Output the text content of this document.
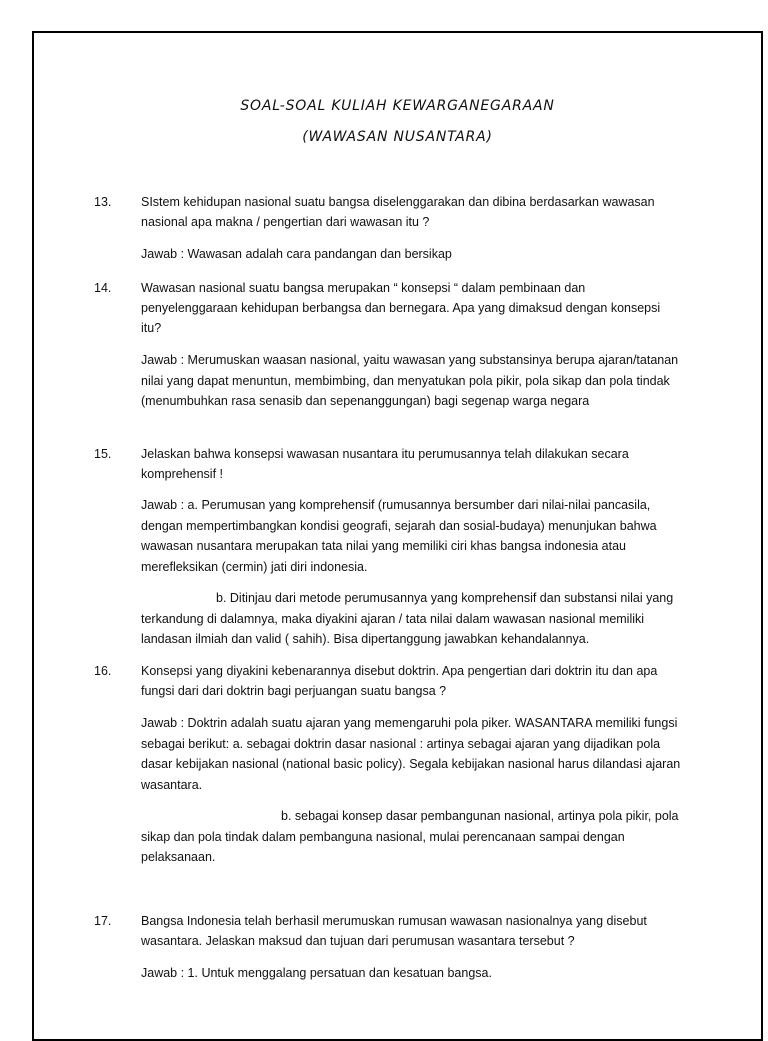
SOAL-SOAL KULIAH KEWARGANEGARAAN
(WAWASAN NUSANTARA)
13. SIstem kehidupan nasional suatu bangsa diselenggarakan dan dibina berdasarkan wawasan nasional apa makna / pengertian dari wawasan itu ?
Jawab : Wawasan adalah cara pandangan dan bersikap
14. Wawasan nasional suatu bangsa merupakan “ konsepsi “ dalam pembinaan dan penyelenggaraan kehidupan berbangsa dan bernegara. Apa yang dimaksud dengan konsepsi itu?
Jawab : Merumuskan waasan nasional, yaitu wawasan yang substansinya berupa ajaran/tatanan nilai yang dapat menuntun, membimbing, dan menyatukan pola pikir, pola sikap dan pola tindak (menumbuhkan rasa senasib dan sepenanggungan) bagi segenap warga negara
15. Jelaskan bahwa konsepsi wawasan nusantara itu perumusannya telah dilakukan secara komprehensif !
Jawab : a. Perumusan yang komprehensif (rumusannya bersumber dari nilai-nilai pancasila, dengan mempertimbangkan kondisi geografi, sejarah dan sosial-budaya) menunjukan bahwa wawasan nusantara merupakan tata nilai yang memiliki ciri khas bangsa indonesia atau merefleksikan (cermin) jati diri indonesia.
b. Ditinjau dari metode perumusannya yang komprehensif dan substansi nilai yang terkandung di dalamnya, maka diyakini ajaran / tata nilai dalam wawasan nasional memiliki landasan ilmiah dan valid ( sahih). Bisa dipertanggung jawabkan kehandalannya.
16. Konsepsi yang diyakini kebenarannya disebut doktrin. Apa pengertian dari doktrin itu dan apa fungsi dari dari doktrin bagi perjuangan suatu bangsa ?
Jawab : Doktrin adalah suatu ajaran yang memengaruhi pola piker. WASANTARA memiliki fungsi sebagai berikut: a. sebagai doktrin dasar nasional : artinya sebagai ajaran yang dijadikan pola dasar kebijakan nasional (national basic policy). Segala kebijakan nasional harus dilandasi ajaran wasantara.
b. sebagai konsep dasar pembangunan nasional, artinya pola pikir, pola sikap dan pola tindak dalam pembanguna nasional, mulai perencanaan sampai dengan pelaksanaan.
17. Bangsa Indonesia telah berhasil merumuskan rumusan wawasan nasionalnya yang disebut wasantara. Jelaskan maksud dan tujuan dari perumusan wasantara tersebut ?
Jawab : 1. Untuk menggalang persatuan dan kesatuan bangsa.
